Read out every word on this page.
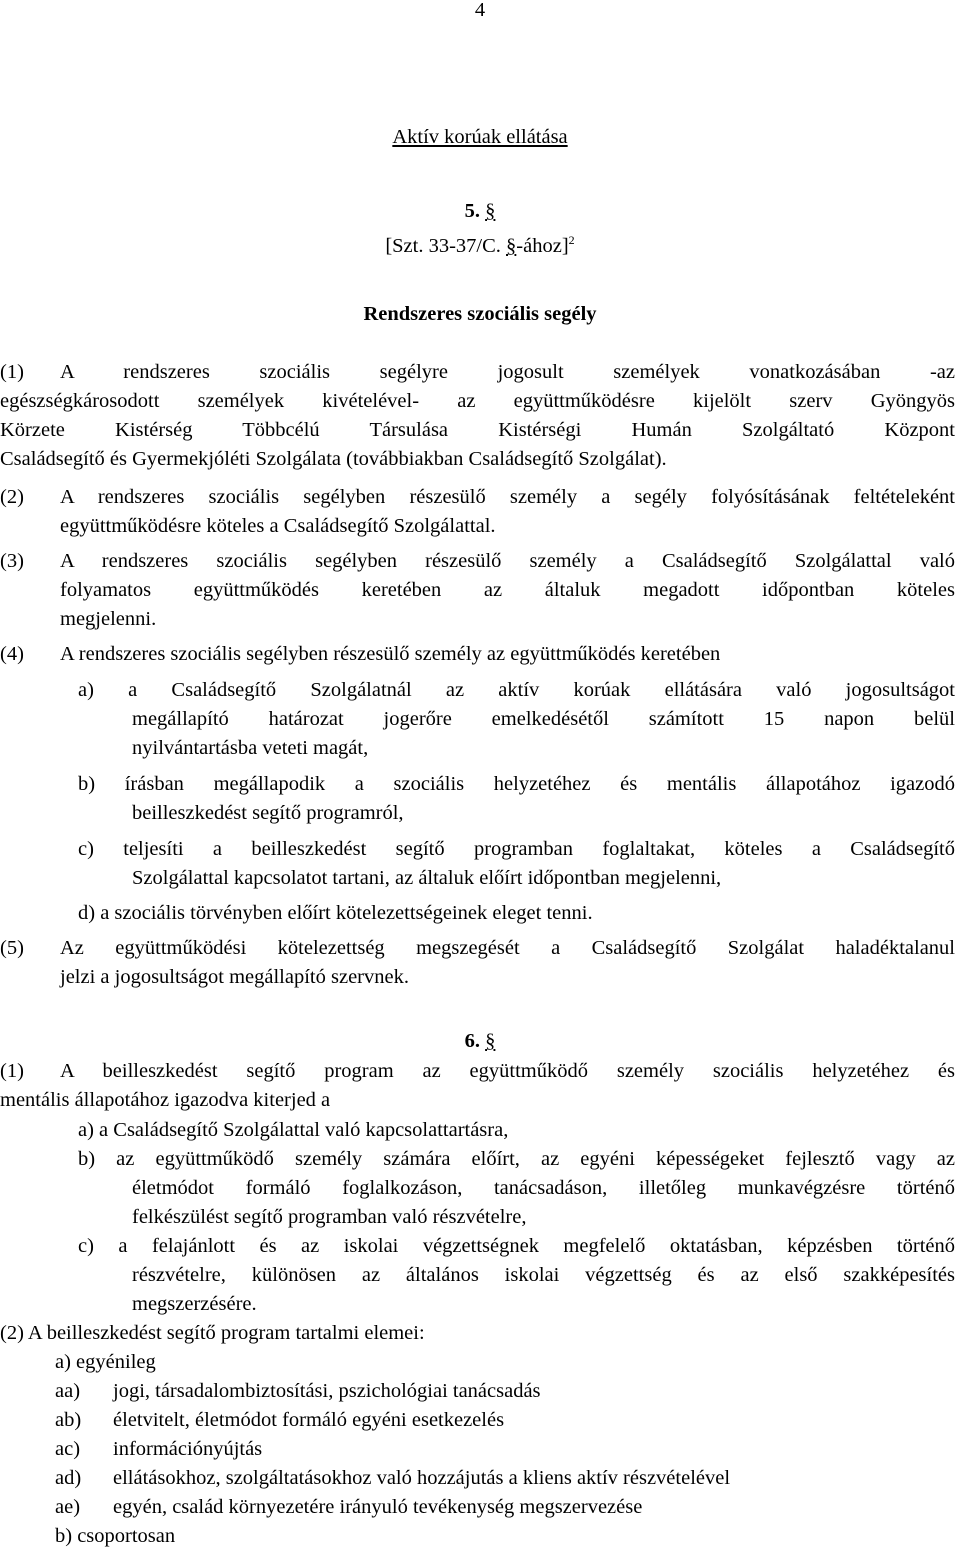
4
Aktív korúak ellátása
5. §
[Szt. 33-37/C. §-ához]$^2$
Rendszeres szociális segély
(1) A rendszeres szociális segélyre jogosult személyek vonatkozásában -az
egészségkárosodott személyek kivételével- az együttműködésre kijelölt szerv Gyöngyös
Körzete Kistérség Többcélú Társulása Kistérségi Humán Szolgáltató Központ
Családsegítő és Gyermekjóléti Szolgálata (továbbiakban Családsegítő Szolgálat).
(2) A rendszeres szociális segélyben részesülő személy a segély folyósításának feltételeként
együttműködésre köteles a Családsegítő Szolgálattal.
(3) A rendszeres szociális segélyben részesülő személy a Családsegítő Szolgálattal való
folyamatos együttműködés keretében az általuk megadott időpontban köteles
megjelenni.
(4) A rendszeres szociális segélyben részesülő személy az együttműködés keretében
a) a Családsegítő Szolgálatnál az aktív korúak ellátására való jogosultságot
megállapító határozat jogerőre emelkedésétől számított 15 napon belül
nyilvántartásba veteti magát,
b) írásban megállapodik a szociális helyzetéhez és mentális állapotához igazodó
beilleszkedést segítő programról,
c) teljesíti a beilleszkedést segítő programban foglaltakat, köteles a Családsegítő
Szolgálattal kapcsolatot tartani, az általuk előírt időpontban megjelenni,
d) a szociális törvényben előírt kötelezettségeinek eleget tenni.
(5) Az együttműködési kötelezettség megszegését a Családsegítő Szolgálat haladéktalanul
jelzi a jogosultságot megállapító szervnek.
6. §
(1) A beilleszkedést segítő program az együttműködő személy szociális helyzetéhez és
mentális állapotához igazodva kiterjed a
a) a Családsegítő Szolgálattal való kapcsolattartásra,
b) az együttműködő személy számára előírt, az egyéni képességeket fejlesztő vagy az
életmódot formáló foglalkozáson, tanácsadáson, illetőleg munkavégzésre történő
felkészülést segítő programban való részvételre,
c) a felajánlott és az iskolai végzettségnek megfelelő oktatásban, képzésben történő
részvételre, különösen az általános iskolai végzettség és az első szakképesítés
megszerzésére.
(2) A beilleszkedést segítő program tartalmi elemei:
a) egyénileg
aa) jogi, társadalombiztosítási, pszichológiai tanácsadás
ab) életvitelt, életmódot formáló egyéni esetkezelés
ac) információnyújtás
ad) ellátásokhoz, szolgáltatásokhoz való hozzájutás a kliens aktív részvételével
ae) egyén, család környezetére irányuló tevékenység megszervezése
b) csoportosan
